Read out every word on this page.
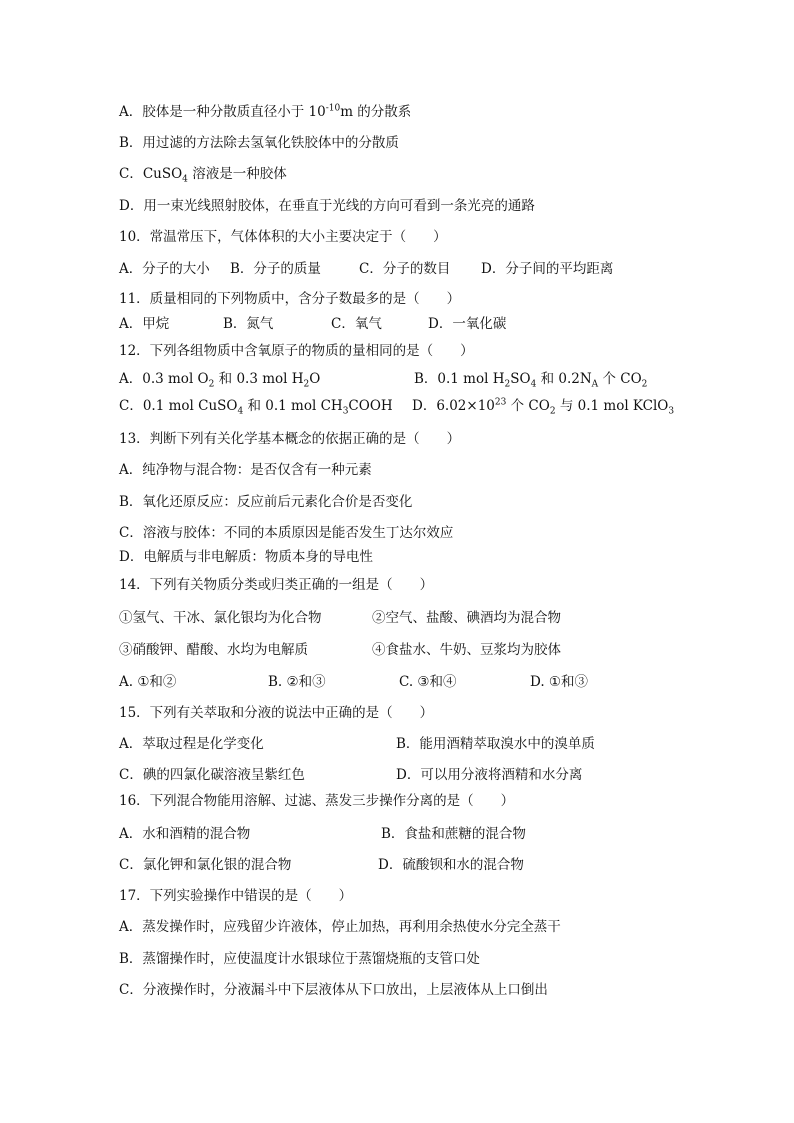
A．胶体是一种分散质直径小于 $10^{-10}m$ 的分散系
B．用过滤的方法除去氢氧化铁胶体中的分散质
C．CuSO$_4$ 溶液是一种胶体
D．用一束光线照射胶体，在垂直于光线的方向可看到一条光亮的通路
10．常温常压下，气体体积的大小主要决定于（　　）
A．分子的大小 B．分子的质量	C．分子的数目 D．分子间的平均距离
11．质量相同的下列物质中，含分子数最多的是（　　）
A．甲烷	B．氮气	C．氧气	D．一氧化碳
12．下列各组物质中含氧原子的物质的量相同的是（　　）
A．0.3 mol $O_2$ 和 0.3 mol $H_2O$	B．0.1 mol $H_2SO_4$ 和 $0.2N_A$ 个 $CO_2$
C．0.1 mol CuSO$_4$ 和 0.1 mol $CH_3COOH$ D．$6.02\times 10^{23}$ 个 $CO_2$ 与 0.1 mol KClO$_3$
13．判断下列有关化学基本概念的依据正确的是（　　）
A．纯净物与混合物：是否仅含有一种元素
B．氧化还原反应：反应前后元素化合价是否变化
C．溶液与胶体：不同的本质原因是能否发生丁达尔效应
D．电解质与非电解质：物质本身的导电性
14．下列有关物质分类或归类正确的一组是（　　）
①氢气、干冰、氯化银均为化合物	②空气、盐酸、碘酒均为混合物
③硝酸钾、醋酸、水均为电解质	④食盐水、牛奶、豆浆均为胶体
A. ①和②	B. ②和③	C. ③和④	D. ①和③
15．下列有关萃取和分液的说法中正确的是（　　）
A．萃取过程是化学变化	B．能用酒精萃取溴水中的溴单质
C．碘的四氯化碳溶液呈紫红色	D．可以用分液将酒精和水分离
16．下列混合物能用溶解、过滤、蒸发三步操作分离的是（　　）
A．水和酒精的混合物	B．食盐和蔗糖的混合物
C．氯化钾和氯化银的混合物	D．硫酸钡和水的混合物
17．下列实验操作中错误的是（　　）
A．蒸发操作时，应残留少许液体，停止加热，再利用余热使水分完全蒸干
B．蒸馏操作时，应使温度计水银球位于蒸馏烧瓶的支管口处
C．分液操作时，分液漏斗中下层液体从下口放出，上层液体从上口倒出
